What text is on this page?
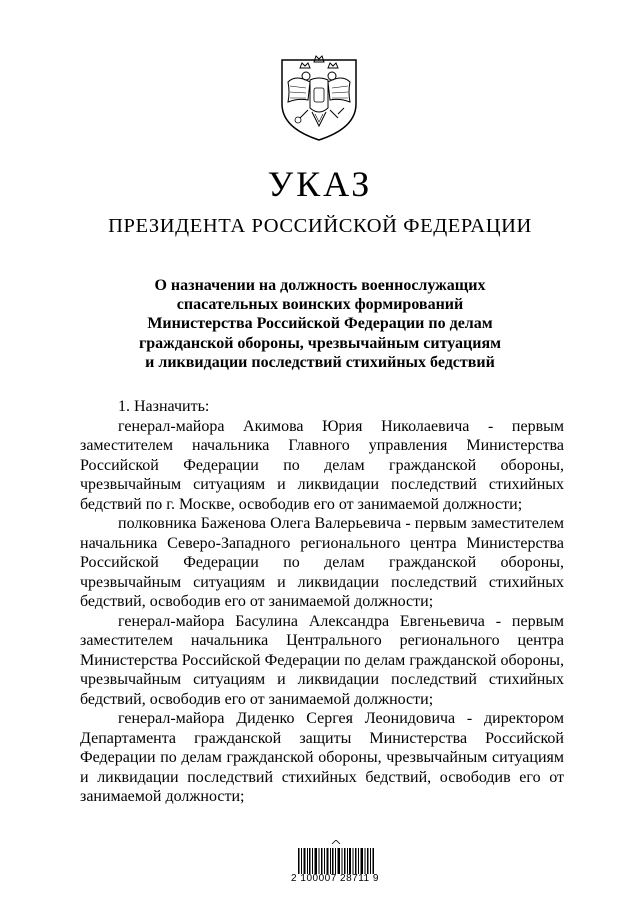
УКАЗ
ПРЕЗИДЕНТА РОССИЙСКОЙ ФЕДЕРАЦИИ
О назначении на должность военнослужащих
спасательных воинских формирований
Министерства Российской Федерации по делам
гражданской обороны, чрезвычайным ситуациям
и ликвидации последствий стихийных бедствий

1. Назначить:

генерал-майора Акимова Юрия Николаевича - первым заместителем начальника Главного управления Министерства Российской Федерации по делам гражданской обороны, чрезвычайным ситуациям и ликвидации последствий стихийных бедствий по г. Москве, освободив его от занимаемой должности;

полковника Баженова Олега Валерьевича - первым заместителем начальника Северо-Западного регионального центра Министерства Российской Федерации по делам гражданской обороны, чрезвычайным ситуациям и ликвидации последствий стихийных бедствий, освободив его от занимаемой должности;

генерал-майора Басулина Александра Евгеньевича - первым заместителем начальника Центрального регионального центра Министерства Российской Федерации по делам гражданской обороны, чрезвычайным ситуациям и ликвидации последствий стихийных бедствий, освободив его от занимаемой должности;

генерал-майора Диденко Сергея Леонидовича - директором Департамента гражданской защиты Министерства Российской Федерации по делам гражданской обороны, чрезвычайным ситуациям и ликвидации последствий стихийных бедствий, освободив его от занимаемой должности;

2 100007 28711 9
